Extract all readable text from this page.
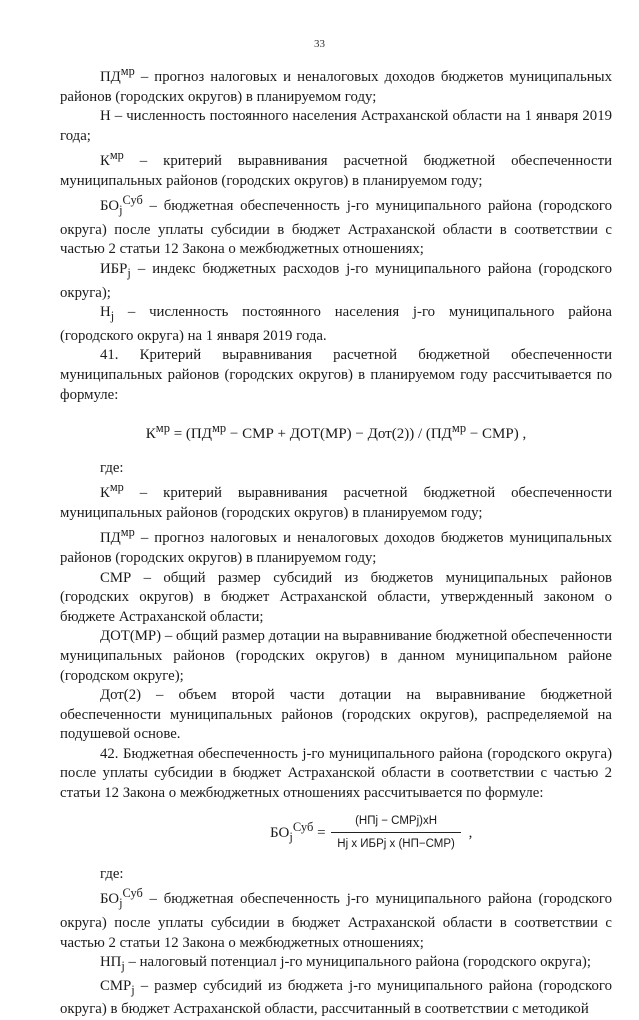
33

$ПД^{мр}$ – прогноз налоговых и неналоговых доходов бюджетов муниципальных районов (городских округов) в планируемом году;

Н – численность постоянного населения Астраханской области на 1 января 2019 года;

$К^{мр}$ – критерий выравнивания расчетной бюджетной обеспеченности муниципальных районов (городских округов) в планируемом году;

$БО_j^{Суб}$ – бюджетная обеспеченность j-го муниципального района (городского округа) после уплаты субсидии в бюджет Астраханской области в соответствии с частью 2 статьи 12 Закона о межбюджетных отношениях;

$ИБР_j$ – индекс бюджетных расходов j-го муниципального района (городского округа);

$Н_j$ – численность постоянного населения j-го муниципального района (городского округа) на 1 января 2019 года.

41. Критерий выравнивания расчетной бюджетной обеспеченности муниципальных районов (городских округов) в планируемом году рассчитывается по формуле:

$К^{мр} = (ПД^{мр}$ − СМР + $ДОТ(МР) - Дот(2)) / (ПД^{мр} - СМР)$ ,

где:

$К^{мр}$ – критерий выравнивания расчетной бюджетной обеспеченности муниципальных районов (городских округов) в планируемом году;

$ПД^{мр}$ – прогноз налоговых и неналоговых доходов бюджетов муниципальных районов (городских округов) в планируемом году;

СМР – общий размер субсидий из бюджетов муниципальных районов (городских округов) в бюджет Астраханской области, утвержденный законом о бюджете Астраханской области;

ДОТ(МР) – общий размер дотации на выравнивание бюджетной обеспеченности муниципальных районов (городских округов) в данном муниципальном районе (городском округе);

Дот(2) – объем второй части дотации на выравнивание бюджетной обеспеченности муниципальных районов (городских округов), распределяемой на подушевой основе.

42. Бюджетная обеспеченность j-го муниципального района (городского округа) после уплаты субсидии в бюджет Астраханской области в соответствии с частью 2 статьи 12 Закона о межбюджетных отношениях рассчитывается по формуле:

$БО_j^{Суб} = \frac{\text{(НПj − СМРj)хН}}{\text{Нj x ИБРj x (НП−СМР)}}$ ,

где:

$БО_j^{Суб}$ – бюджетная обеспеченность j-го муниципального района (городского округа) после уплаты субсидии в бюджет Астраханской области в соответствии с частью 2 статьи 12 Закона о межбюджетных отношениях;

$НП_j$ – налоговый потенциал j-го муниципального района (городского округа);

$СМР_j$ – размер субсидий из бюджета j-го муниципального района (городского округа) в бюджет Астраханской области, рассчитанный в соответствии с методикой
